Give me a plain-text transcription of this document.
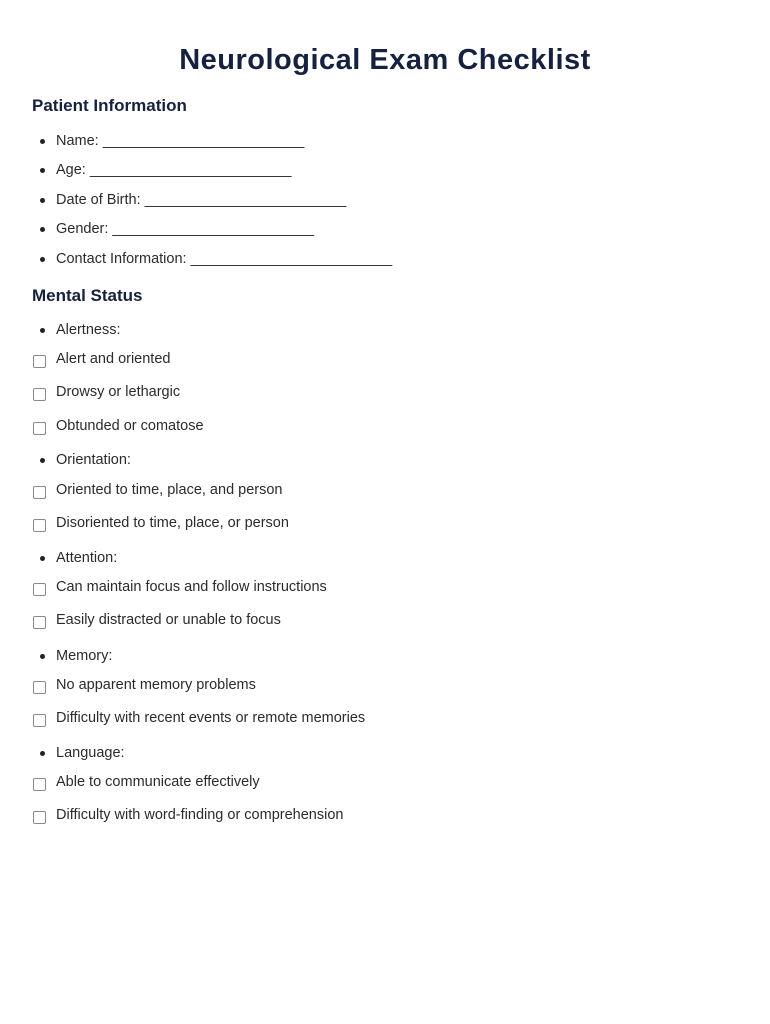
Neurological Exam Checklist
Patient Information
Name: _________________________
Age: _________________________
Date of Birth: _________________________
Gender: _________________________
Contact Information: _________________________
Mental Status
Alertness:
Alert and oriented
Drowsy or lethargic
Obtunded or comatose
Orientation:
Oriented to time, place, and person
Disoriented to time, place, or person
Attention:
Can maintain focus and follow instructions
Easily distracted or unable to focus
Memory:
No apparent memory problems
Difficulty with recent events or remote memories
Language:
Able to communicate effectively
Difficulty with word-finding or comprehension
